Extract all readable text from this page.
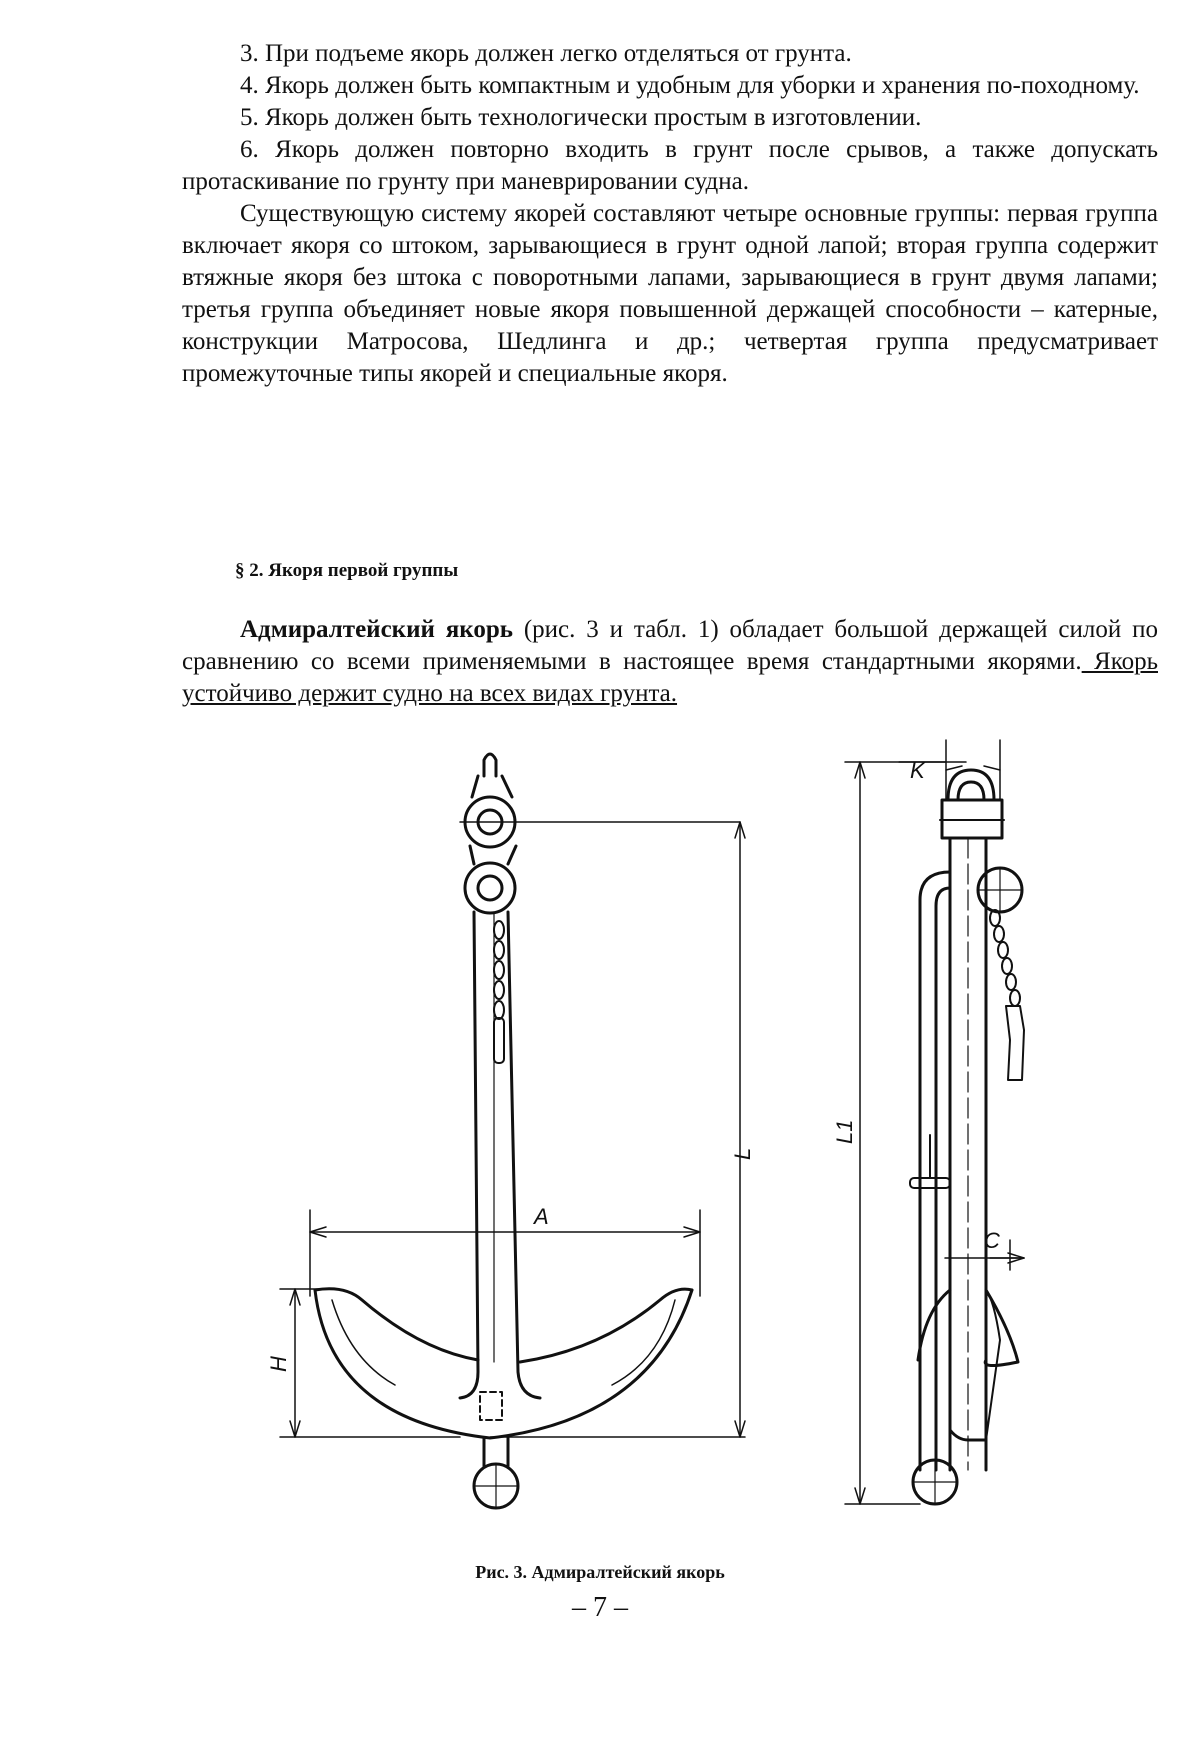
3. При подъеме якорь должен легко отделяться от грунта.

4. Якорь должен быть компактным и удобным для уборки и хранения по-походному.

5. Якорь должен быть технологически простым в изготовлении.

6. Якорь должен повторно входить в грунт после срывов, а также допускать протаскивание по грунту при маневрировании судна.

Существующую систему якорей составляют четыре основные группы: первая группа включает якоря со штоком, зарывающиеся в грунт одной лапой; вторая группа содержит втяжные якоря без штока с поворотными лапами, зарывающиеся в грунт двумя лапами; третья группа объединяет новые якоря повышенной держащей способности – катерные, конструкции Матросова, Шедлинга и др.; четвертая группа предусматривает промежуточные типы якорей и специальные якоря.

§ 2. Якоря первой группы

Адмиралтейский якорь (рис. 3 и табл. 1) обладает большой держащей силой по сравнению со всеми применяемыми в настоящее время стандартными якорями. Якорь устойчиво держит судно на всех видах грунта.

A
L
H
L1
K
C
Рис. 3. Адмиралтейский якорь
– 7 –
